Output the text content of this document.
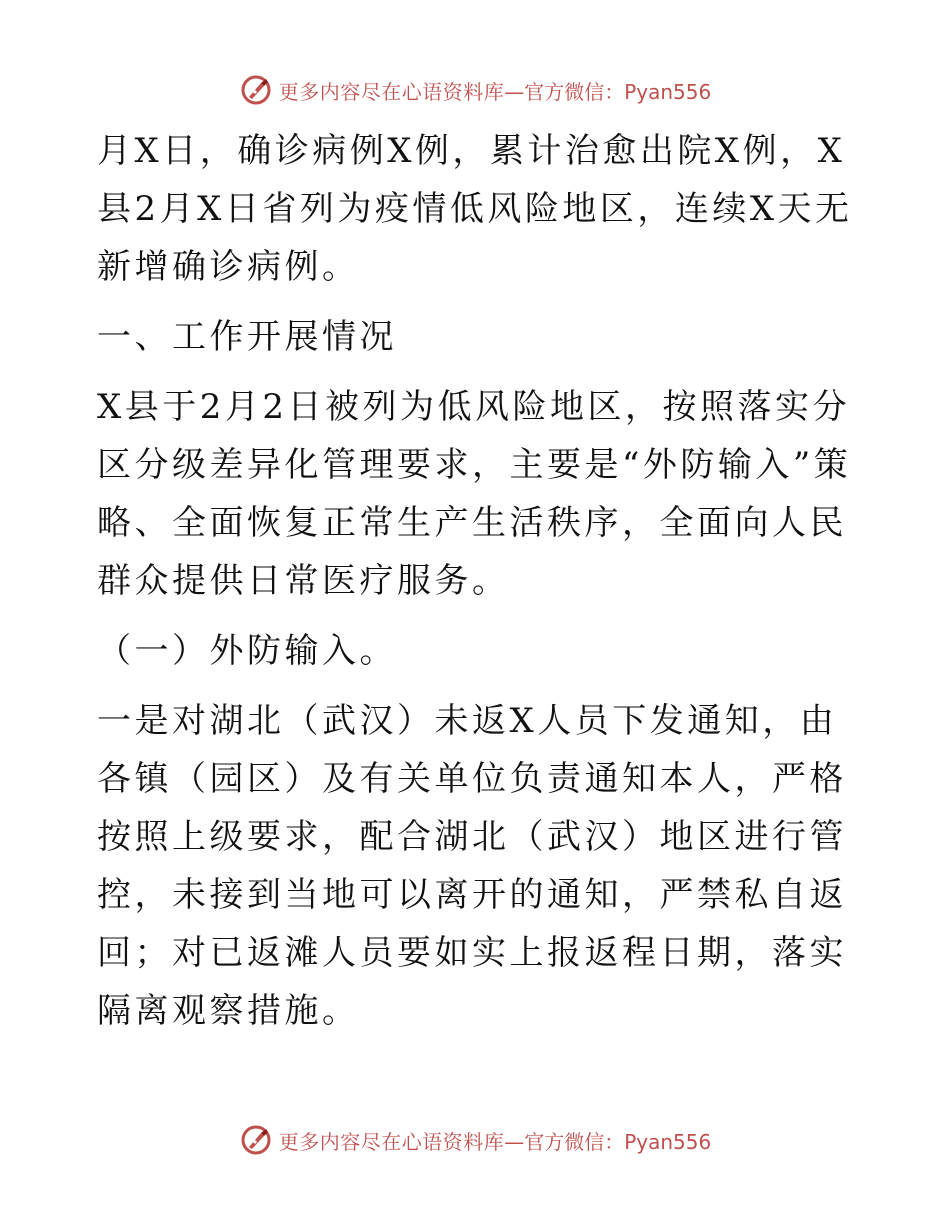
更多内容尽在心语资料库 —官方微信：Pyan556

月X日，确诊病例X例，累计治愈出院X例，X县2月X日省列为疫情低风险地区，连续X天无新增确诊病例。

一、工作开展情况

X县于2月2日被列为低风险地区，按照落实分区分级差异化管理要求，主要是“外防输入”策略、全面恢复正常生产生活秩序，全面向人民群众提供日常医疗服务。

（一）外防输入。

一是对湖北（武汉）未返X人员下发通知，由各镇（园区）及有关单位负责通知本人，严格按照上级要求，配合湖北（武汉）地区进行管控，未接到当地可以离开的通知，严禁私自返回；对已返滩人员要如实上报返程日期，落实隔离观察措施。

更多内容尽在心语资料库 —官方微信：Pyan556
